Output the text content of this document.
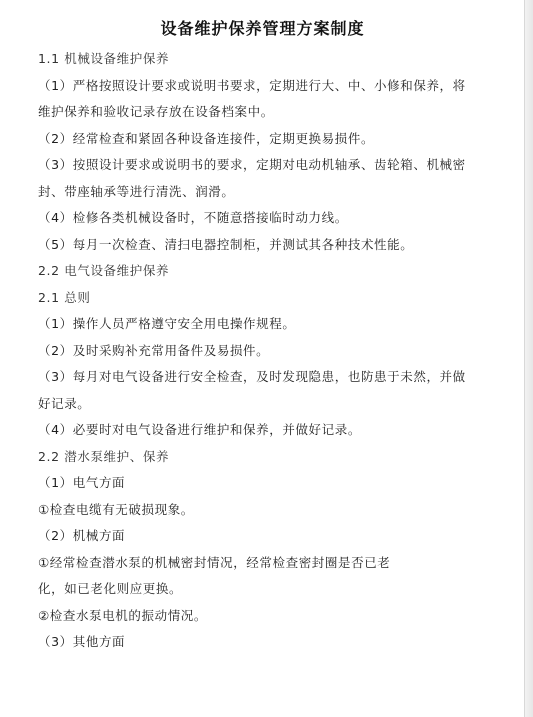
设备维护保养管理方案制度
1.1 机械设备维护保养
（1）严格按照设计要求或说明书要求，定期进行大、中、小修和保养，将
维护保养和验收记录存放在设备档案中。
（2）经常检查和紧固各种设备连接件，定期更换易损件。
（3）按照设计要求或说明书的要求，定期对电动机轴承、齿轮箱、机械密
封、带座轴承等进行清洗、润滑。
（4）检修各类机械设备时，不随意搭接临时动力线。
（5）每月一次检查、清扫电器控制柜，并测试其各种技术性能。
2.2 电气设备维护保养
2.1 总则
（1）操作人员严格遵守安全用电操作规程。
（2）及时采购补充常用备件及易损件。
（3）每月对电气设备进行安全检查，及时发现隐患，也防患于未然，并做
好记录。
（4）必要时对电气设备进行维护和保养，并做好记录。
2.2 潜水泵维护、保养
（1）电气方面
①检查电缆有无破损现象。
（2）机械方面
①经常检查潜水泵的机械密封情况，经常检查密封圈是否已老
化，如已老化则应更换。
②检查水泵电机的振动情况。
（3）其他方面
